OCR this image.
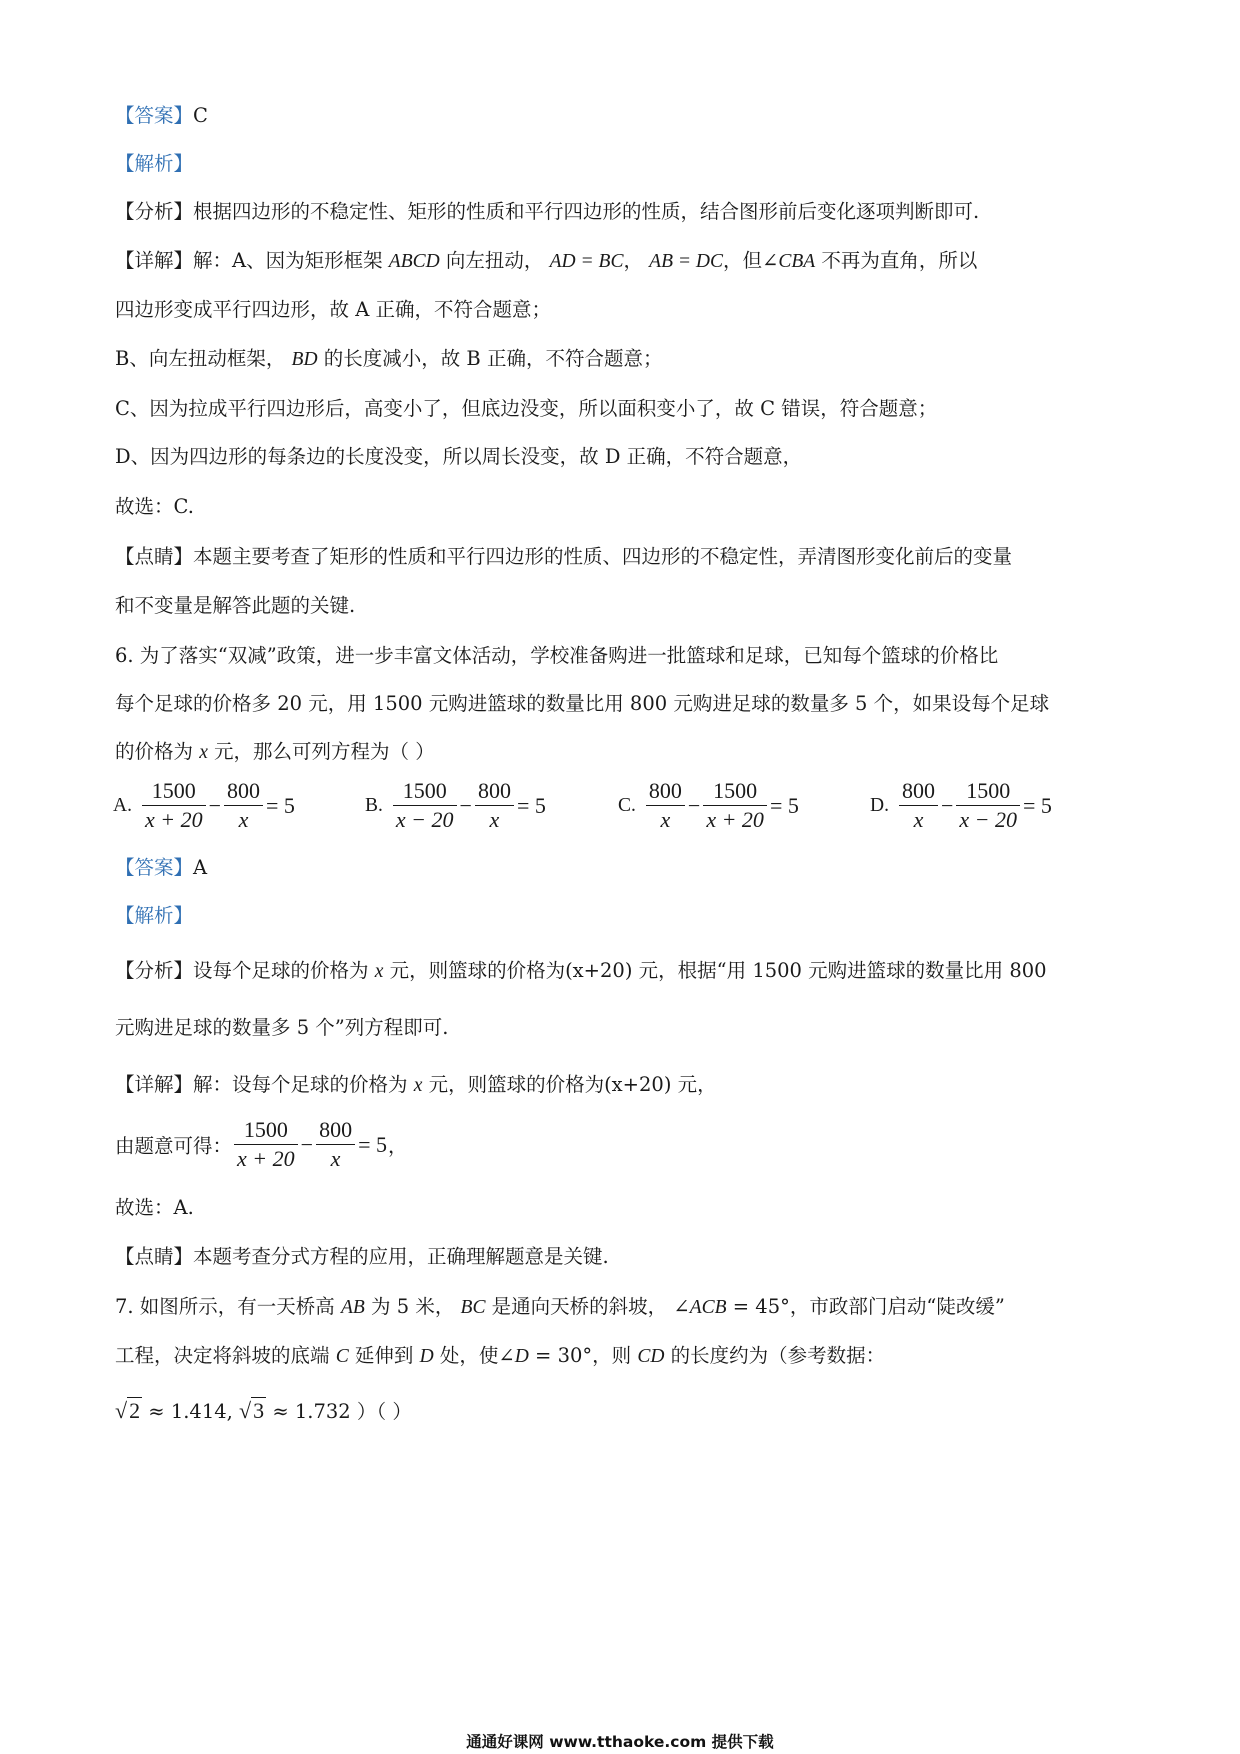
【答案】C
【解析】
【分析】根据四边形的不稳定性、矩形的性质和平行四边形的性质，结合图形前后变化逐项判断即可.
【详解】解：A、因为矩形框架 ABCD 向左扭动， AD = BC， AB = DC，但∠CBA 不再为直角，所以
四边形变成平行四边形，故 A 正确，不符合题意；
B、向左扭动框架， BD 的长度减小，故 B 正确，不符合题意；
C、因为拉成平行四边形后，高变小了，但底边没变，所以面积变小了，故 C 错误，符合题意；
D、因为四边形的每条边的长度没变，所以周长没变，故 D 正确，不符合题意，
故选：C.
【点睛】本题主要考查了矩形的性质和平行四边形的性质、四边形的不稳定性，弄清图形变化前后的变量
和不变量是解答此题的关键.
6. 为了落实“双减”政策，进一步丰富文体活动，学校准备购进一批篮球和足球，已知每个篮球的价格比
每个足球的价格多 20 元，用 1500 元购进篮球的数量比用 800 元购进足球的数量多 5 个，如果设每个足球
的价格为 x 元，那么可列方程为（ ）
A. $\frac{1500}{x + 20} - \frac{800}{x} = 5$	B. $\frac{1500}{x - 20} - \frac{800}{x} = 5$	C. $\frac{800}{x} - \frac{1500}{x + 20} = 5$	D. $\frac{800}{x} - \frac{1500}{x - 20} = 5$
【答案】A
【解析】
【分析】设每个足球的价格为 x 元，则篮球的价格为(x+20) 元，根据“用 1500 元购进篮球的数量比用 800
元购进足球的数量多 5 个”列方程即可.
【详解】解：设每个足球的价格为 x 元，则篮球的价格为(x+20) 元，
由题意可得： $\frac{1500}{x + 20} - \frac{800}{x} = 5$，
故选：A.
【点睛】本题考查分式方程的应用，正确理解题意是关键.
7. 如图所示，有一天桥高 AB 为 5 米， BC 是通向天桥的斜坡， ∠ACB = 45°，市政部门启动“陡改缓”
工程，决定将斜坡的底端 C 延伸到 D 处，使∠D = 30°，则 CD 的长度约为（参考数据：
√2 ≈ 1.414, √3 ≈ 1.732 ）（ ）
通通好课网 www.tthaoke.com 提供下载
